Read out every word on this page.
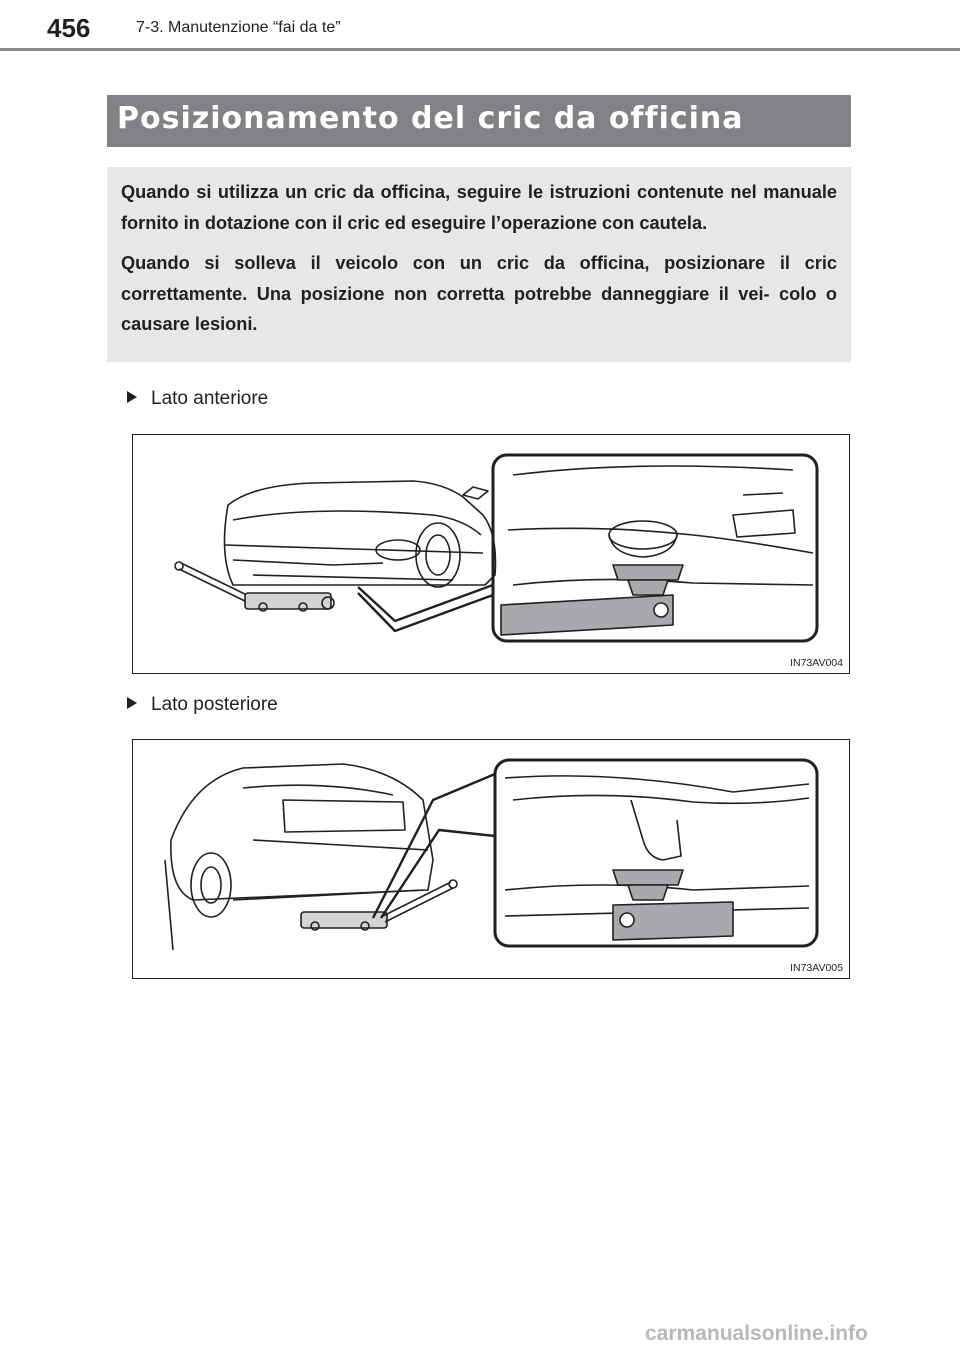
456	7-3. Manutenzione “fai da te”
Posizionamento del cric da officina

Quando si utilizza un cric da officina, seguire le istruzioni contenute nel manuale fornito in dotazione con il cric ed eseguire l’operazione con cautela.

Quando si solleva il veicolo con un cric da officina, posizionare il cric correttamente. Una posizione non corretta potrebbe danneggiare il vei- colo o causare lesioni.

Lato anteriore
IN73AV004
Lato posteriore
IN73AV005
carmanualsonline.info
